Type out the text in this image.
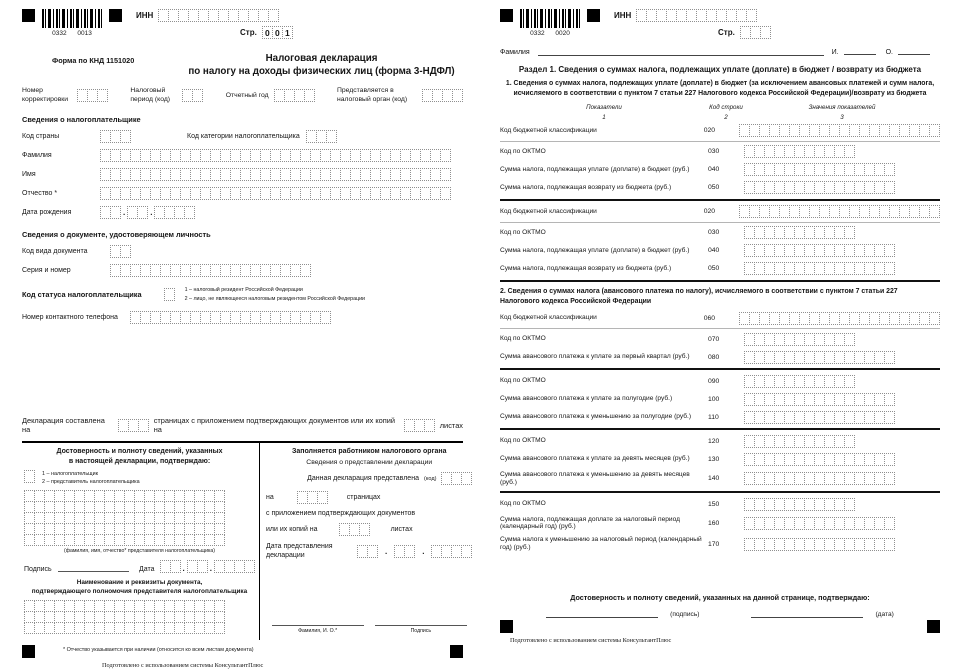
0332 0013
ИНН
Стр. 0 0 1
Форма по КНД 1151020	Налоговая декларация
по налогу на доходы физических лиц (форма 3-НДФЛ)
Номер корректировки
Налоговый период (код)
Отчетный год
Представляется в налоговый орган (код)
Сведения о налогоплательщике
Код страны	Код категории налогоплательщика
Фамилия
Имя
Отчество *
Дата рождения	.	.
Сведения о документе, удостоверяющем личность
Код вида документа
Серия и номер
Код статуса налогоплательщика	1 – налоговый резидент Российской Федерации
2 – лицо, не являющееся налоговым резидентом Российской Федерации
Номер контактного телефона
Декларация составлена на
страницах с приложением подтверждающих документов или их копий на	листах
Достоверность и полноту сведений, указанных
в настоящей декларации, подтверждаю:
1 – налогоплательщик
2 – представитель налогоплательщика
(фамилия, имя, отчество* представителя налогоплательщика)
Подпись	Дата	.	.
Наименование и реквизиты документа,
подтверждающего полномочия представителя налогоплательщика
Заполняется работником налогового органа
Сведения о представлении декларации
Данная декларация представлена (код)
на	страницах
с приложением подтверждающих документов
или их копий на	листах
Дата представления декларации	.	.
Фамилия, И. О.*	Подпись
* Отчество указывается при наличии (относится ко всем листам документа)
Подготовлено с использованием системы КонсультантПлюс
0332 0020
ИНН
Стр.
Фамилия	И.	О.
Раздел 1. Сведения о суммах налога, подлежащих уплате (доплате) в бюджет / возврату из бюджета
1. Сведения о суммах налога, подлежащих уплате (доплате) в бюджет (за исключением авансовых платежей и сумм налога,
исчисляемого в соответствии с пунктом 7 статьи 227 Налогового кодекса Российской Федерации)/возврату из бюджета
Показатели
1
Код строки
2
Значения показателей
3
Код бюджетной классификации	020
Код по ОКТМО	030
Сумма налога, подлежащая уплате (доплате) в бюджет (руб.)	040
Сумма налога, подлежащая возврату из бюджета (руб.)	050
Код бюджетной классификации	020
Код по ОКТМО	030
Сумма налога, подлежащая уплате (доплате) в бюджет (руб.)	040
Сумма налога, подлежащая возврату из бюджета (руб.)	050
2. Сведения о суммах налога (авансового платежа по налогу), исчисляемого в соответствии с пунктом 7 статьи 227
Налогового кодекса Российской Федерации
Код бюджетной классификации	060
Код по ОКТМО	070
Сумма авансового платежа к уплате за первый квартал (руб.)	080
Код по ОКТМО	090
Сумма авансового платежа к уплате за полугодие (руб.)	100
Сумма авансового платежа к уменьшению за полугодие (руб.)	110
Код по ОКТМО	120
Сумма авансового платежа к уплате за девять месяцев (руб.)	130
Сумма авансового платежа к уменьшению за девять месяцев (руб.)	140
Код по ОКТМО	150
Сумма налога, подлежащая доплате за налоговый период (календарный год) (руб.)	160
Сумма налога к уменьшению за налоговый период (календарный год) (руб.)	170
Достоверность и полноту сведений, указанных на данной странице, подтверждаю:
(подпись)	(дата)
Подготовлено с использованием системы КонсультантПлюс
